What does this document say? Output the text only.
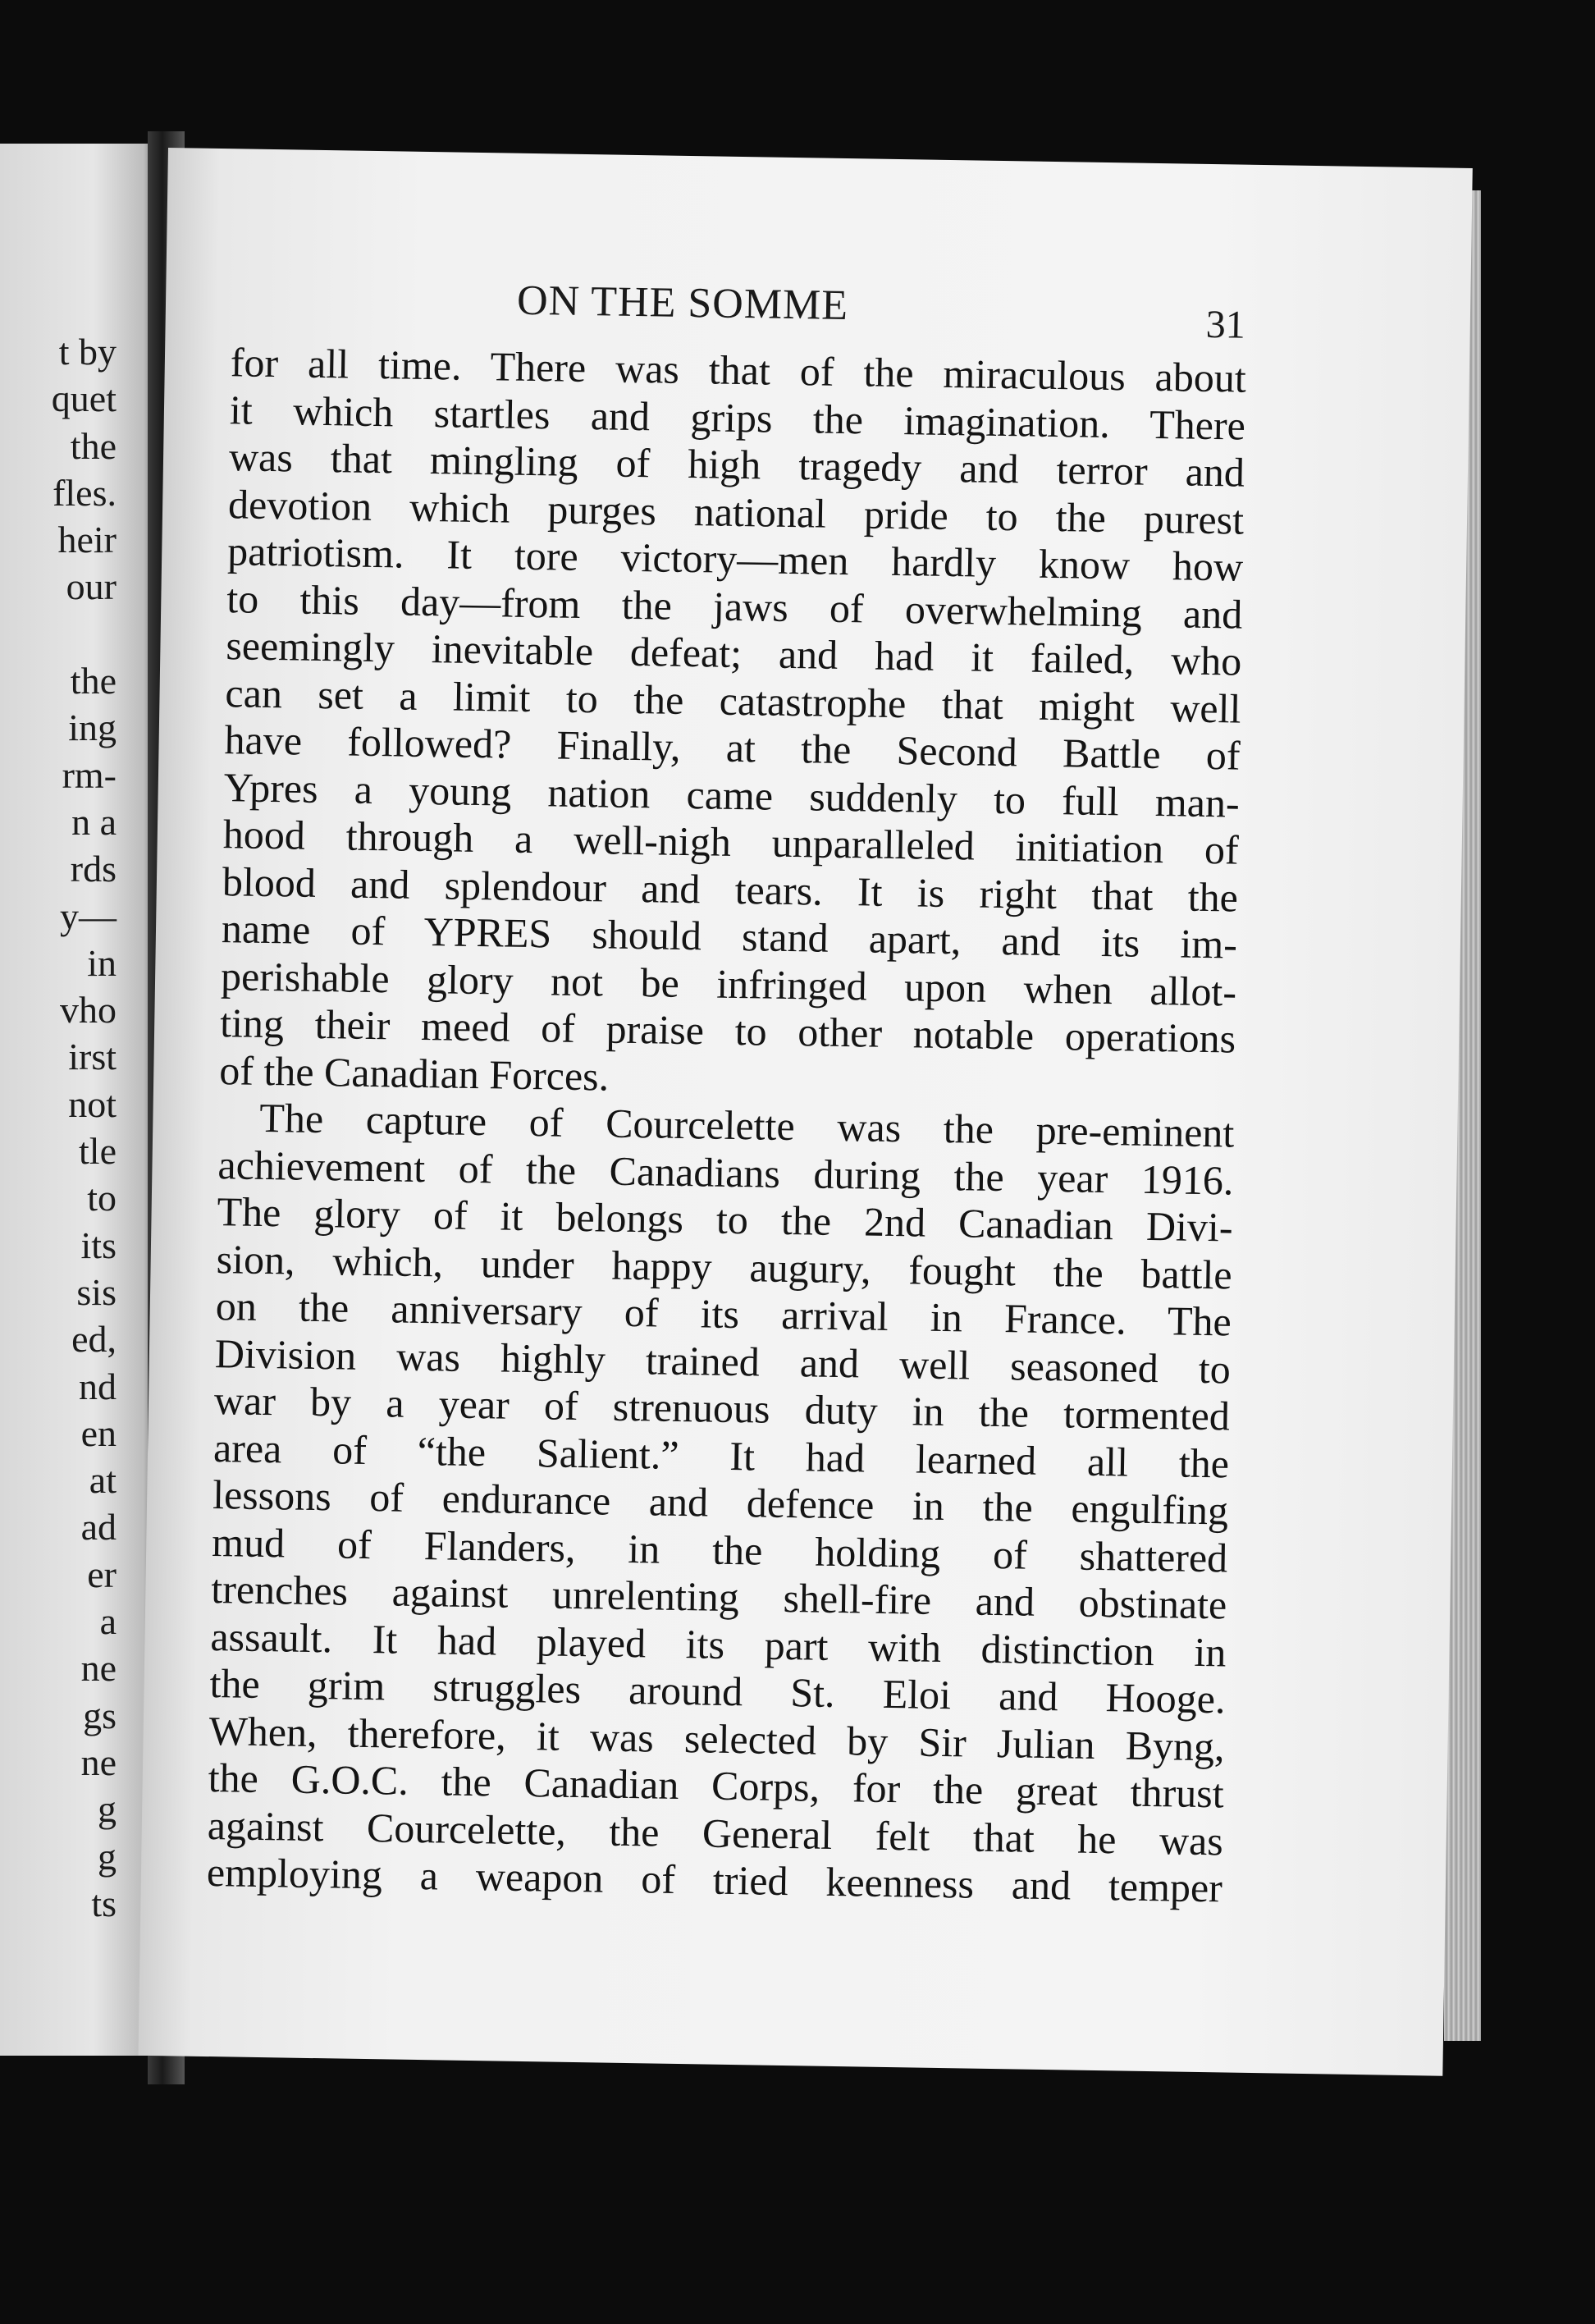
t by
quet
the
fles.
heir
our
the
ing
rm-
n a
rds
y—
in
vho
irst
not
tle
to
its
sis
ed,
nd
en
at
ad
er
a
ne
gs
ne
g
g
ts
ON THE SOMME	31
for all time. There was that of the miraculous about
it which startles and grips the imagination. There
was that mingling of high tragedy and terror and
devotion which purges national pride to the purest
patriotism. It tore victory—men hardly know how
to this day—from the jaws of overwhelming and
seemingly inevitable defeat; and had it failed, who
can set a limit to the catastrophe that might well
have followed? Finally, at the Second Battle of
Ypres a young nation came suddenly to full man-
hood through a well-nigh unparalleled initiation of
blood and splendour and tears. It is right that the
name of YPRES should stand apart, and its im-
perishable glory not be infringed upon when allot-
ting their meed of praise to other notable operations
of the Canadian Forces.
The capture of Courcelette was the pre-eminent
achievement of the Canadians during the year 1916.
The glory of it belongs to the 2nd Canadian Divi-
sion, which, under happy augury, fought the battle
on the anniversary of its arrival in France. The
Division was highly trained and well seasoned to
war by a year of strenuous duty in the tormented
area of “the Salient.” It had learned all the
lessons of endurance and defence in the engulfing
mud of Flanders, in the holding of shattered
trenches against unrelenting shell-fire and obstinate
assault. It had played its part with distinction in
the grim struggles around St. Eloi and Hooge.
When, therefore, it was selected by Sir Julian Byng,
the G.O.C. the Canadian Corps, for the great thrust
against Courcelette, the General felt that he was
employing a weapon of tried keenness and temper
